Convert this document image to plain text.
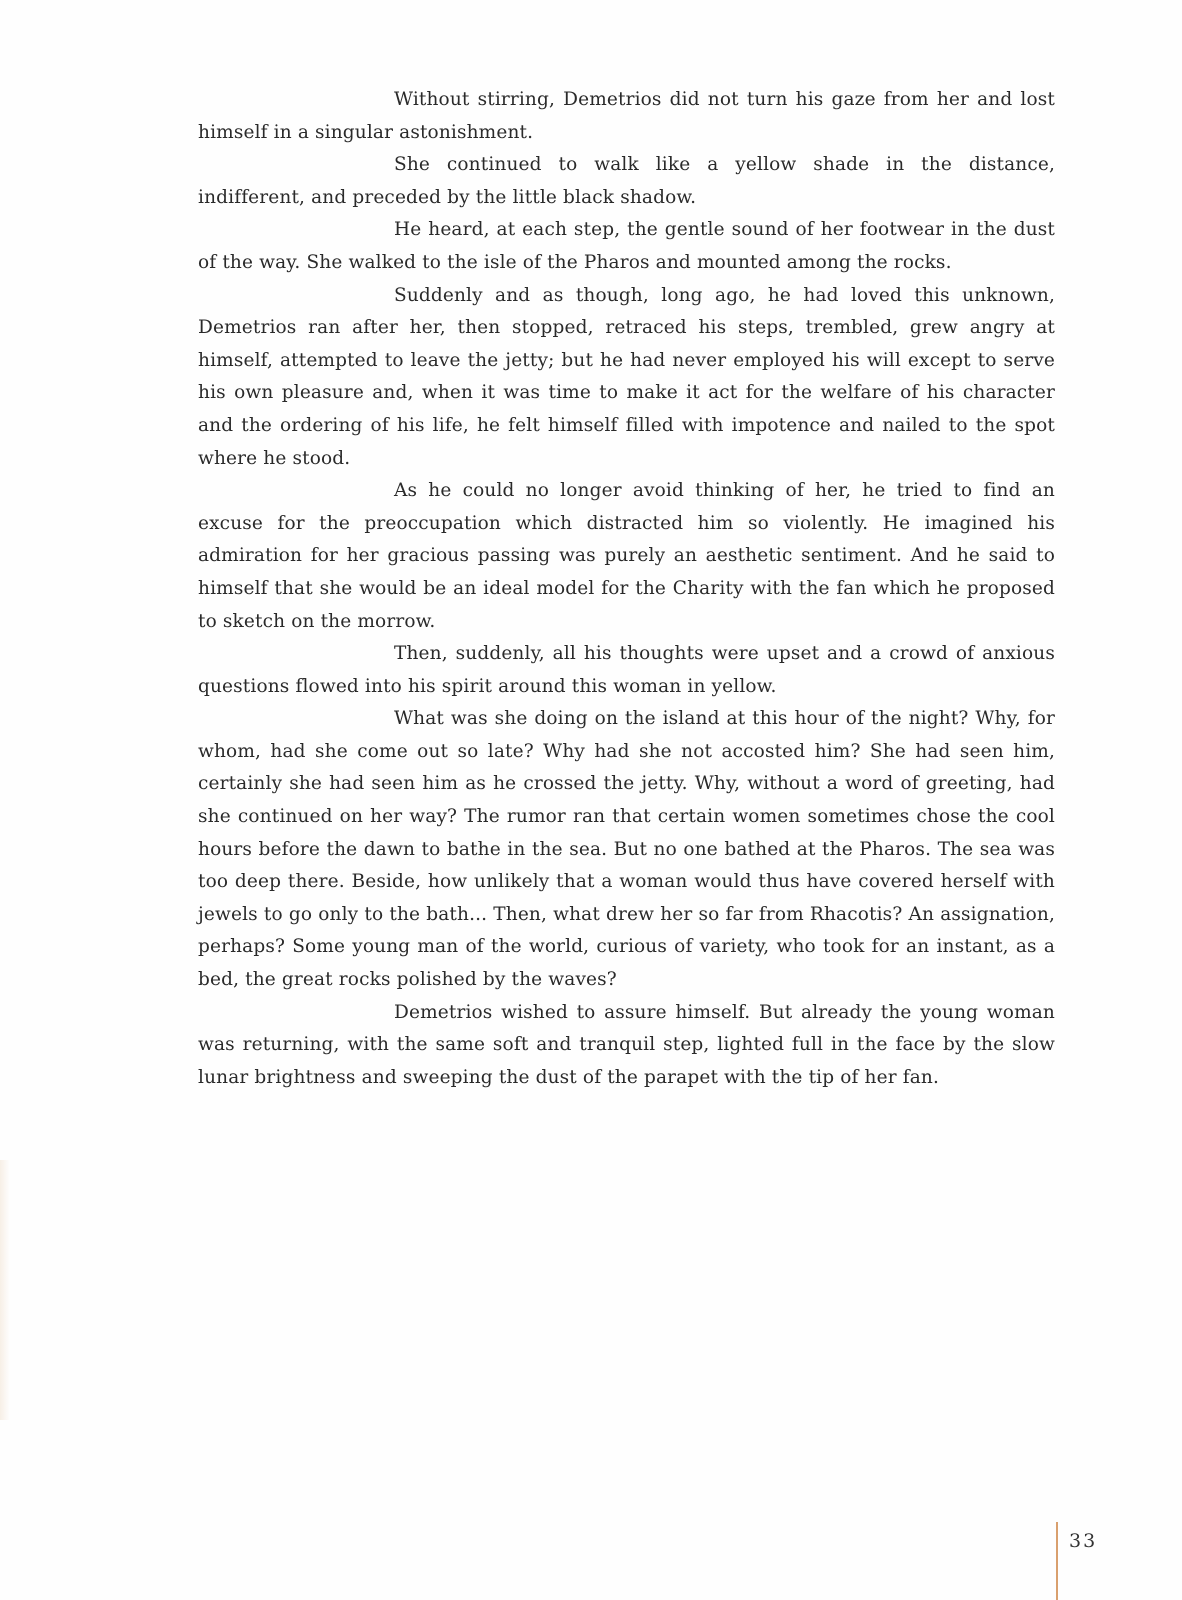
Without stirring, Demetrios did not turn his gaze from her and lost himself in a singular astonishment.

She continued to walk like a yellow shade in the distance, indifferent, and preceded by the little black shadow.

He heard, at each step, the gentle sound of her footwear in the dust of the way. She walked to the isle of the Pharos and mounted among the rocks.

Suddenly and as though, long ago, he had loved this unknown, Demetrios ran after her, then stopped, retraced his steps, trembled, grew angry at himself, attempted to leave the jetty; but he had never employed his will except to serve his own pleasure and, when it was time to make it act for the welfare of his character and the ordering of his life, he felt himself filled with impotence and nailed to the spot where he stood.

As he could no longer avoid thinking of her, he tried to find an excuse for the preoccupation which distracted him so violently. He imagined his admiration for her gracious passing was purely an aesthetic sentiment. And he said to himself that she would be an ideal model for the Charity with the fan which he proposed to sketch on the morrow.

Then, suddenly, all his thoughts were upset and a crowd of anxious questions flowed into his spirit around this woman in yellow.

What was she doing on the island at this hour of the night? Why, for whom, had she come out so late? Why had she not accosted him? She had seen him, certainly she had seen him as he crossed the jetty. Why, without a word of greeting, had she continued on her way? The rumor ran that certain women sometimes chose the cool hours before the dawn to bathe in the sea. But no one bathed at the Pharos. The sea was too deep there. Beside, how unlikely that a woman would thus have covered herself with jewels to go only to the bath... Then, what drew her so far from Rhacotis? An assignation, perhaps? Some young man of the world, curious of variety, who took for an instant, as a bed, the great rocks polished by the waves?

Demetrios wished to assure himself. But already the young woman was returning, with the same soft and tranquil step, lighted full in the face by the slow lunar brightness and sweeping the dust of the parapet with the tip of her fan.

33
